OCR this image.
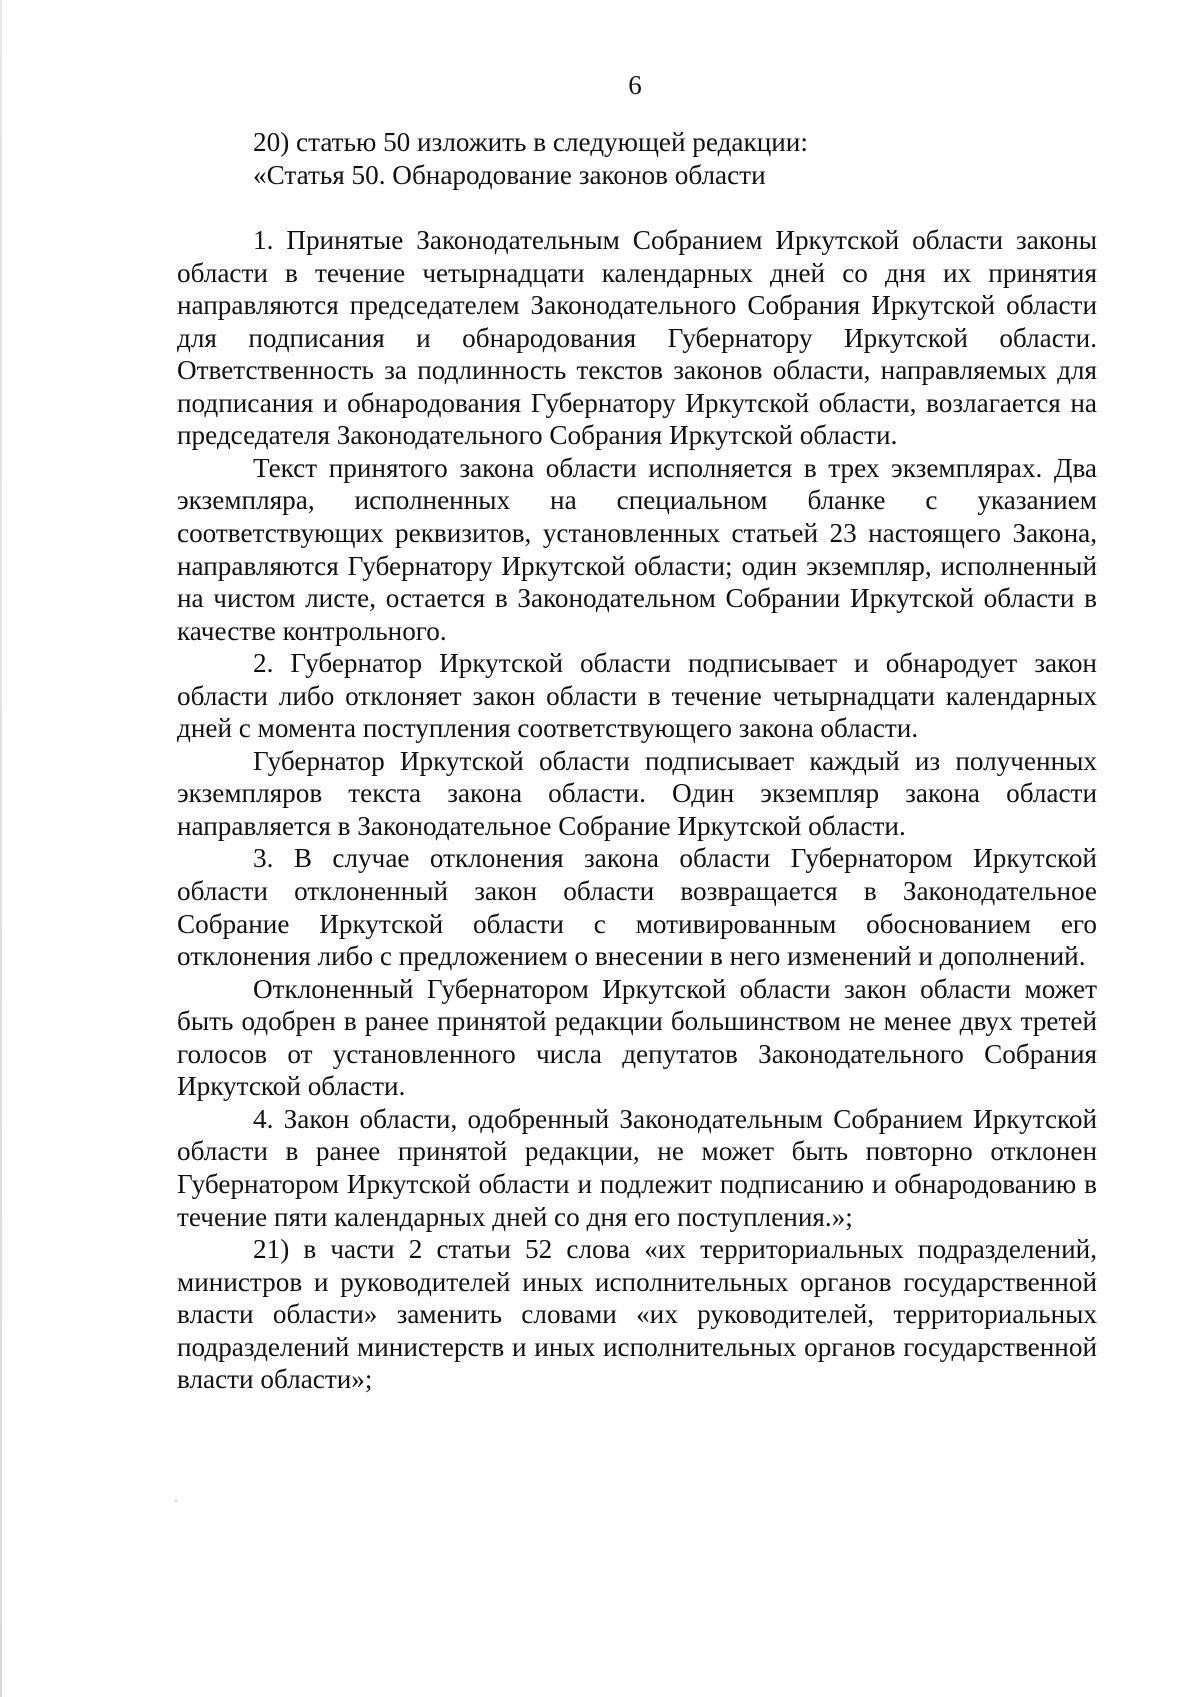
6

20) статью 50 изложить в следующей редакции:

«Статья 50. Обнародование законов области

1. Принятые Законодательным Собранием Иркутской области законы области в течение четырнадцати календарных дней со дня их принятия направляются председателем Законодательного Собрания Иркутской области для подписания и обнародования Губернатору Иркутской области. Ответственность за подлинность текстов законов области, направляемых для подписания и обнародования Губернатору Иркутской области, возлагается на председателя Законодательного Собрания Иркутской области.

Текст принятого закона области исполняется в трех экземплярах. Два экземпляра, исполненных на специальном бланке с указанием соответствующих реквизитов, установленных статьей 23 настоящего Закона, направляются Губернатору Иркутской области; один экземпляр, исполненный на чистом листе, остается в Законодательном Собрании Иркутской области в качестве контрольного.

2. Губернатор Иркутской области подписывает и обнародует закон области либо отклоняет закон области в течение четырнадцати календарных дней с момента поступления соответствующего закона области.

Губернатор Иркутской области подписывает каждый из полученных экземпляров текста закона области. Один экземпляр закона области направляется в Законодательное Собрание Иркутской области.

3. В случае отклонения закона области Губернатором Иркутской области отклоненный закон области возвращается в Законодательное Собрание Иркутской области с мотивированным обоснованием его отклонения либо с предложением о внесении в него изменений и дополнений.

Отклоненный Губернатором Иркутской области закон области может быть одобрен в ранее принятой редакции большинством не менее двух третей голосов от установленного числа депутатов Законодательного Собрания Иркутской области.

4. Закон области, одобренный Законодательным Собранием Иркутской области в ранее принятой редакции, не может быть повторно отклонен Губернатором Иркутской области и подлежит подписанию и обнародованию в течение пяти календарных дней со дня его поступления.»;

21) в части 2 статьи 52 слова «их территориальных подразделений, министров и руководителей иных исполнительных органов государственной власти области» заменить словами «их руководителей, территориальных подразделений министерств и иных исполнительных органов государственной власти области»;
